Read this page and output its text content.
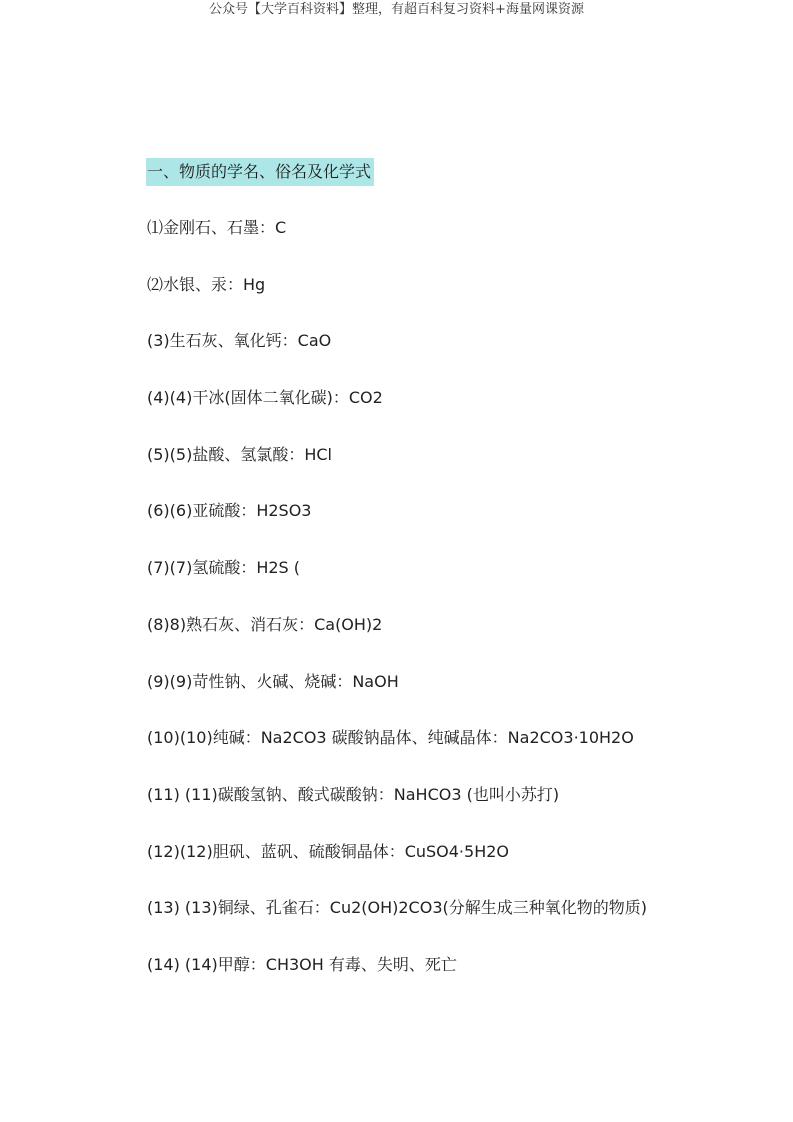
公众号【大学百科资料】整理，有超百科复习资料+海量网课资源
一、物质的学名、俗名及化学式
⑴金刚石、石墨：C
⑵水银、汞：Hg
(3)生石灰、氧化钙：CaO
(4)(4)干冰(固体二氧化碳)：CO2
(5)(5)盐酸、氢氯酸：HCl
(6)(6)亚硫酸：H2SO3
(7)(7)氢硫酸：H2S (
(8)8)熟石灰、消石灰：Ca(OH)2
(9)(9)苛性钠、火碱、烧碱：NaOH
(10)(10)纯碱：Na2CO3 碳酸钠晶体、纯碱晶体：Na2CO3·10H2O
(11) (11)碳酸氢钠、酸式碳酸钠：NaHCO3 (也叫小苏打)
(12)(12)胆矾、蓝矾、硫酸铜晶体：CuSO4·5H2O
(13) (13)铜绿、孔雀石：Cu2(OH)2CO3(分解生成三种氧化物的物质)
(14) (14)甲醇：CH3OH 有毒、失明、死亡
